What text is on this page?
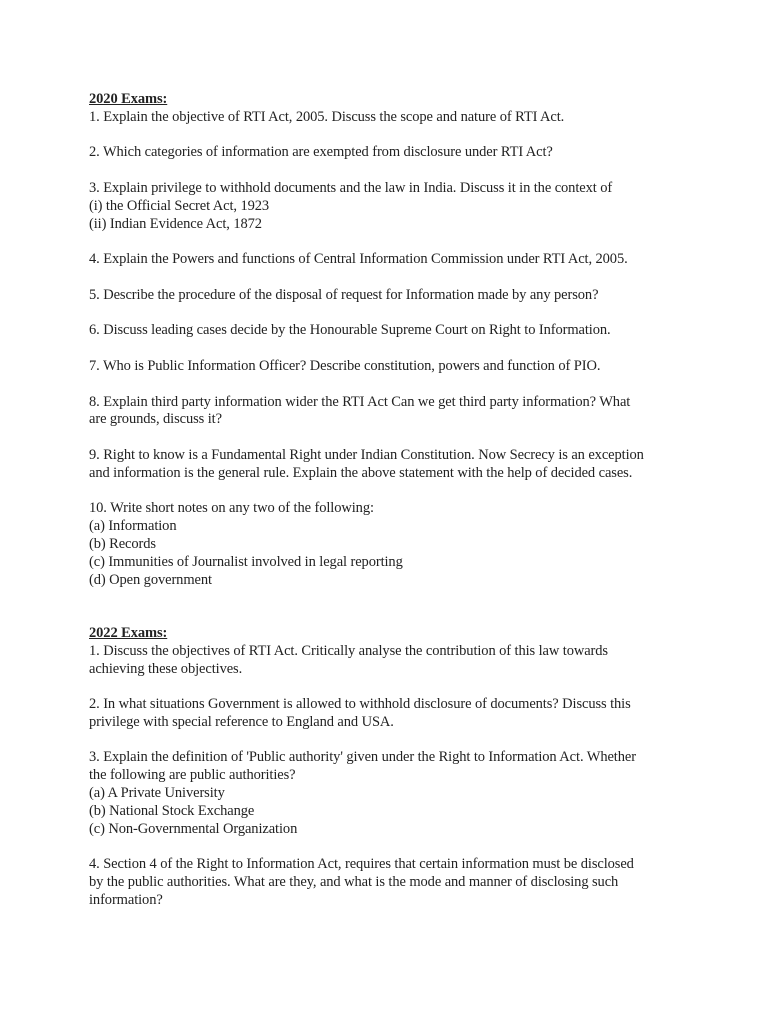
2020 Exams:

1. Explain the objective of RTI Act, 2005. Discuss the scope and nature of RTI Act.

2. Which categories of information are exempted from disclosure under RTI Act?

3. Explain privilege to withhold documents and the law in India. Discuss it in the context of
(i) the Official Secret Act, 1923
(ii) Indian Evidence Act, 1872

4. Explain the Powers and functions of Central Information Commission under RTI Act, 2005.

5. Describe the procedure of the disposal of request for Information made by any person?

6. Discuss leading cases decide by the Honourable Supreme Court on Right to Information.

7. Who is Public Information Officer? Describe constitution, powers and function of PIO.

8. Explain third party information wider the RTI Act Can we get third party information? What
are grounds, discuss it?

9. Right to know is a Fundamental Right under Indian Constitution. Now Secrecy is an exception
and information is the general rule. Explain the above statement with the help of decided cases.

10. Write short notes on any two of the following:
(a) Information
(b) Records
(c) Immunities of Journalist involved in legal reporting
(d) Open government

2022 Exams:

1. Discuss the objectives of RTI Act. Critically analyse the contribution of this law towards
achieving these objectives.

2. In what situations Government is allowed to withhold disclosure of documents? Discuss this
privilege with special reference to England and USA.

3. Explain the definition of 'Public authority' given under the Right to Information Act. Whether
the following are public authorities?
(a) A Private University
(b) National Stock Exchange
(c) Non-Governmental Organization

4. Section 4 of the Right to Information Act, requires that certain information must be disclosed
by the public authorities. What are they, and what is the mode and manner of disclosing such
information?
